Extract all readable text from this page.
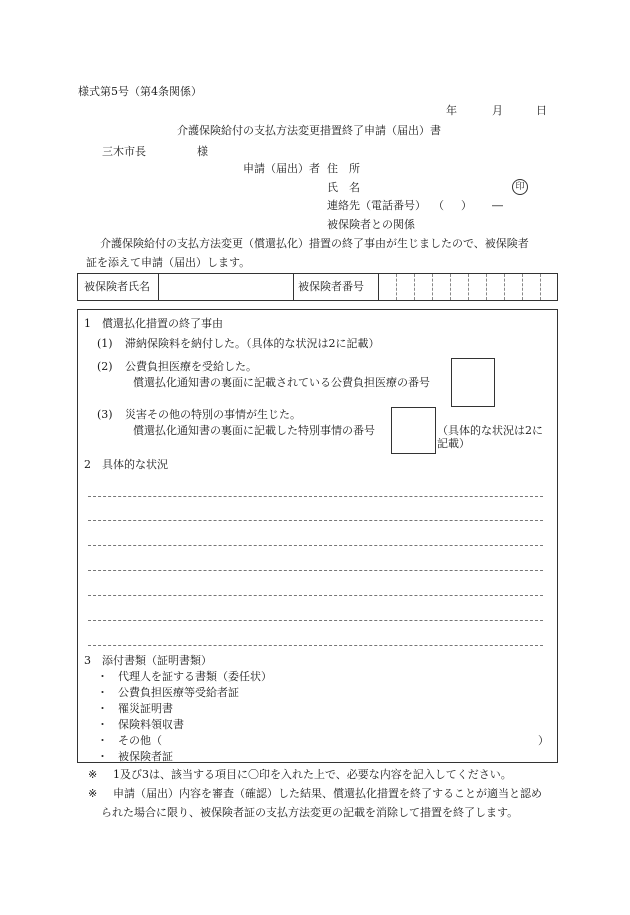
様式第5号（第4条関係）
年	月	日
介護保険給付の支払方法変更措置終了申請（届出）書
三木市長	様
申請（届出）者 住　所
氏　名	印
連絡先（電話番号） （ ） ―
被保険者との関係
介護保険給付の支払方法変更（償還払化）措置の終了事由が生じましたので、被保険者
証を添えて申請（届出）します。
被保険者氏名	被保険者番号
1　償還払化措置の終了事由
(1) 滞納保険料を納付した。（具体的な状況は2に記載）
(2) 公費負担医療を受給した。
償還払化通知書の裏面に記載されている公費負担医療の番号
(3) 災害その他の特別の事情が生じた。
償還払化通知書の裏面に記載した特別事情の番号	（具体的な状況は2に
記載）
2　具体的な状況
3　添付書類（証明書類）
・ 代理人を証する書類（委任状）
・ 公費負担医療等受給者証
・ 罹災証明書
・ 保険料領収書
・ その他（	）
・ 被保険者証
※ 1及び3は、該当する項目に〇印を入れた上で、必要な内容を記入してください。
※ 申請（届出）内容を審査（確認）した結果、償還払化措置を終了することが適当と認め
られた場合に限り、被保険者証の支払方法変更の記載を消除して措置を終了します。
